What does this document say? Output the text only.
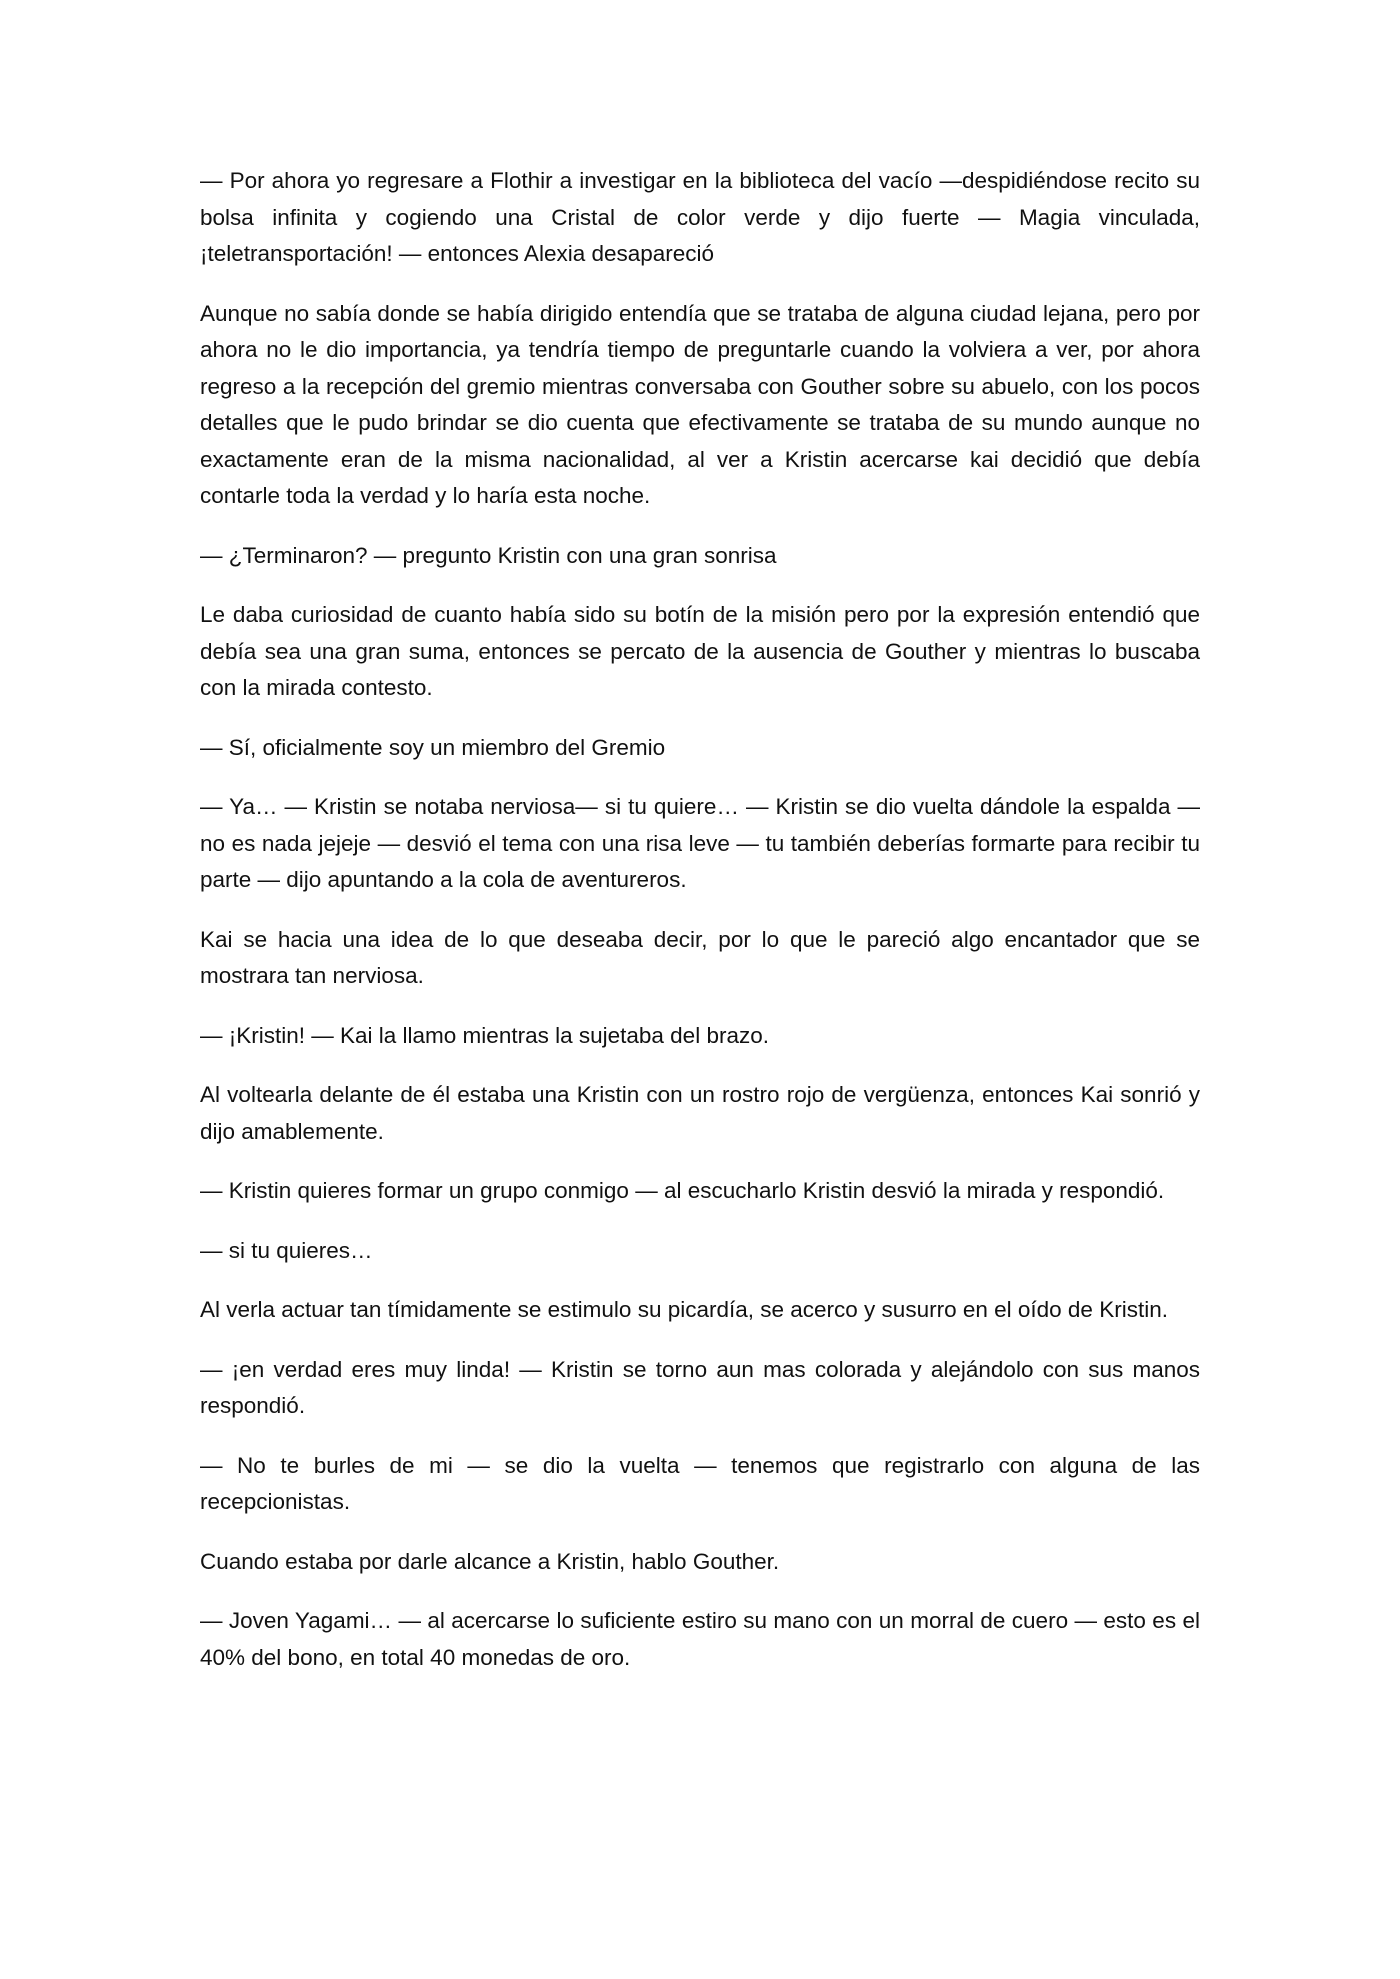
— Por ahora yo regresare a Flothir a investigar en la biblioteca del vacío —despidiéndose recito su bolsa infinita y cogiendo una Cristal de color verde y dijo fuerte — Magia vinculada, ¡teletransportación! — entonces Alexia desapareció

Aunque no sabía donde se había dirigido entendía que se trataba de alguna ciudad lejana, pero por ahora no le dio importancia, ya tendría tiempo de preguntarle cuando la volviera a ver, por ahora regreso a la recepción del gremio mientras conversaba con Gouther sobre su abuelo, con los pocos detalles que le pudo brindar se dio cuenta que efectivamente se trataba de su mundo aunque no exactamente eran de la misma nacionalidad, al ver a Kristin acercarse kai decidió que debía contarle toda la verdad y lo haría esta noche.

— ¿Terminaron? — pregunto Kristin con una gran sonrisa

Le daba curiosidad de cuanto había sido su botín de la misión pero por la expresión entendió que debía sea una gran suma, entonces se percato de la ausencia de Gouther y mientras lo buscaba con la mirada contesto.

— Sí, oficialmente soy un miembro del Gremio

— Ya… — Kristin se notaba nerviosa— si tu quiere… — Kristin se dio vuelta dándole la espalda —no es nada jejeje — desvió el tema con una risa leve — tu también deberías formarte para recibir tu parte — dijo apuntando a la cola de aventureros.

Kai se hacia una idea de lo que deseaba decir, por lo que le pareció algo encantador que se mostrara tan nerviosa.

— ¡Kristin! — Kai la llamo mientras la sujetaba del brazo.

Al voltearla delante de él estaba una Kristin con un rostro rojo de vergüenza, entonces Kai sonrió y dijo amablemente.

— Kristin quieres formar un grupo conmigo — al escucharlo Kristin desvió la mirada y respondió.

— si tu quieres…

Al verla actuar tan tímidamente se estimulo su picardía, se acerco y susurro en el oído de Kristin.

— ¡en verdad eres muy linda! — Kristin se torno aun mas colorada y alejándolo con sus manos respondió.

— No te burles de mi — se dio la vuelta — tenemos que registrarlo con alguna de las recepcionistas.

Cuando estaba por darle alcance a Kristin, hablo Gouther.

— Joven Yagami… — al acercarse lo suficiente estiro su mano con un morral de cuero — esto es el 40% del bono, en total 40 monedas de oro.
